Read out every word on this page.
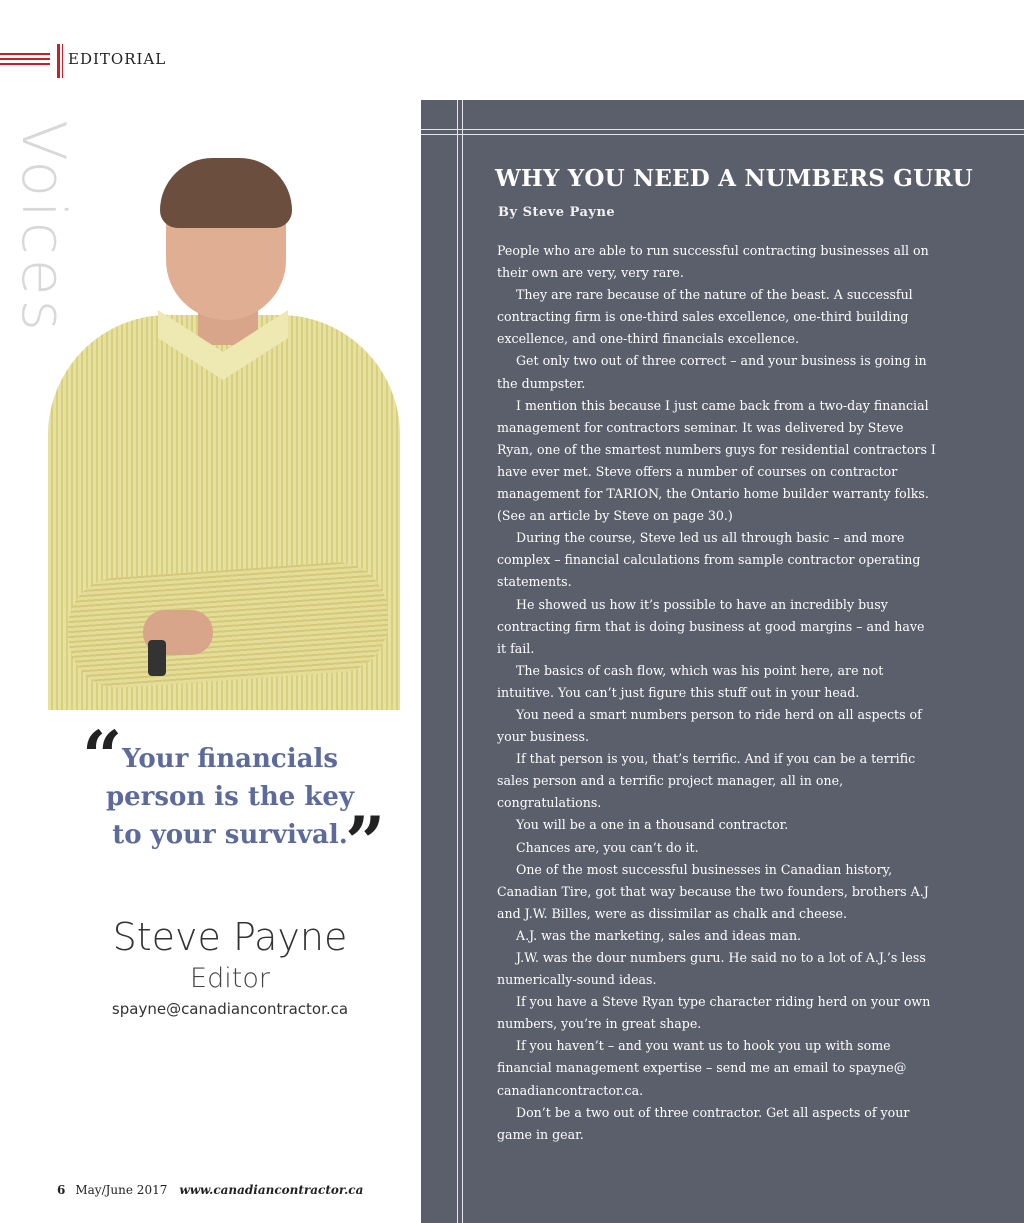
EDITORIAL
Voices
“ Your financials person is the key to your survival.
”
Steve Payne
Editor
spayne@canadiancontractor.ca
6 May/June 2017 www.canadiancontractor.ca
WHY YOU NEED A NUMBERS GURU
By Steve Payne

People who are able to run successful contracting businesses all on their own are very, very rare.

They are rare because of the nature of the beast. A successful contracting firm is one-third sales excellence, one-third building excellence, and one-third financials excellence.

Get only two out of three correct – and your business is going in the dumpster.

I mention this because I just came back from a two-day financial management for contractors seminar. It was delivered by Steve Ryan, one of the smartest numbers guys for residential contractors I have ever met. Steve offers a number of courses on contractor management for TARION, the Ontario home builder warranty folks. (See an article by Steve on page 30.)

During the course, Steve led us all through basic – and more complex – financial calculations from sample contractor operating statements.

He showed us how it’s possible to have an incredibly busy contracting firm that is doing business at good margins – and have it fail.

The basics of cash flow, which was his point here, are not intuitive. You can’t just figure this stuff out in your head.

You need a smart numbers person to ride herd on all aspects of your business.

If that person is you, that’s terrific. And if you can be a terrific sales person and a terrific project manager, all in one, congratulations.

You will be a one in a thousand contractor.

Chances are, you can’t do it.

One of the most successful businesses in Canadian history, Canadian Tire, got that way because the two founders, brothers A.J and J.W. Billes, were as dissimilar as chalk and cheese.

A.J. was the marketing, sales and ideas man.

J.W. was the dour numbers guru. He said no to a lot of A.J.’s less numerically-sound ideas.

If you have a Steve Ryan type character riding herd on your own numbers, you’re in great shape.

If you haven’t – and you want us to hook you up with some financial management expertise – send me an email to spayne@ canadiancontractor.ca.

Don’t be a two out of three contractor. Get all aspects of your game in gear.
